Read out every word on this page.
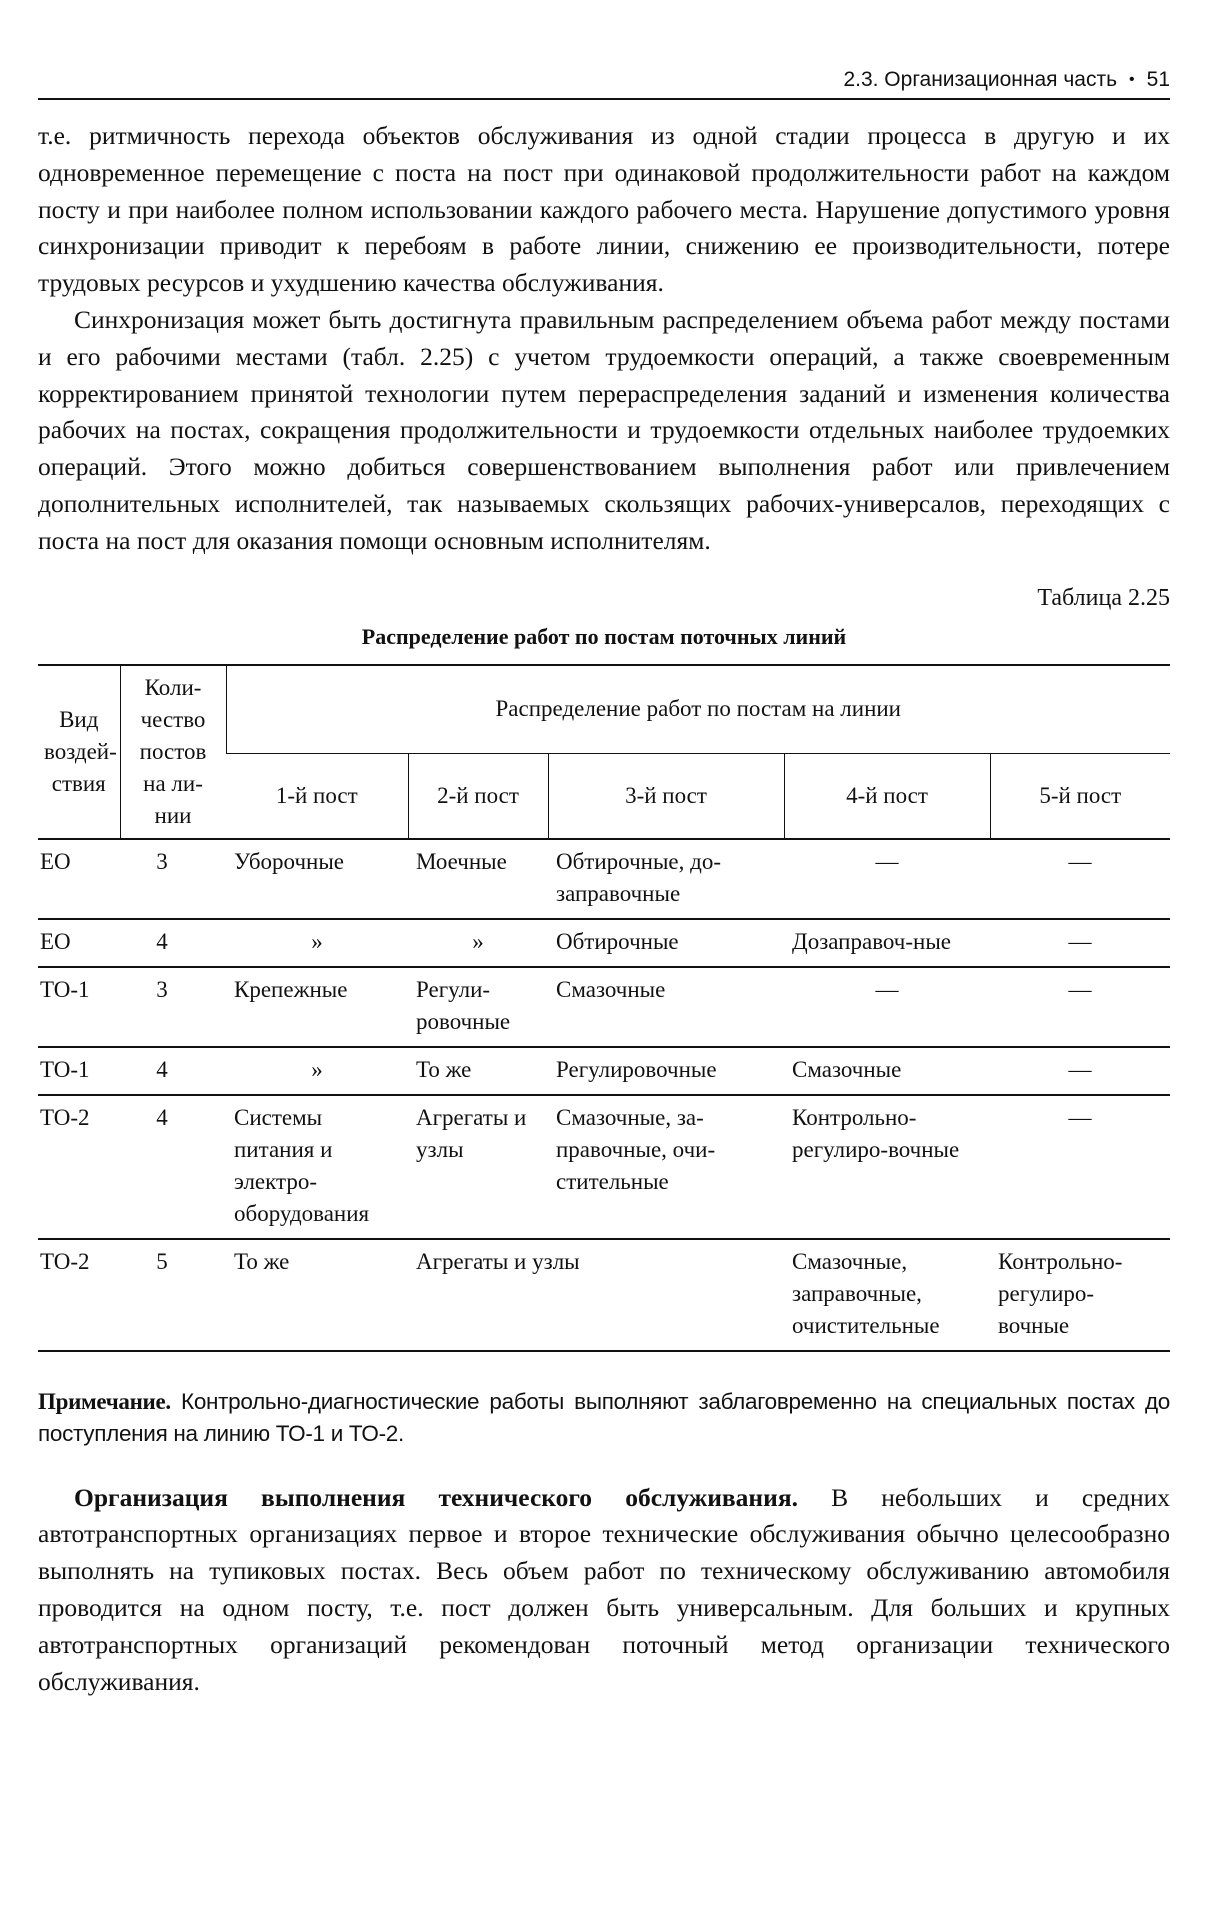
2.3. Организационная часть • 51

т.е. ритмичность перехода объектов обслуживания из одной стадии процесса в другую и их одновременное перемещение с поста на пост при одинаковой продолжительности работ на каждом посту и при наиболее полном использовании каждого рабочего места. Нарушение допустимого уровня синхронизации приводит к перебоям в работе линии, снижению ее производительности, потере трудовых ресурсов и ухудшению качества обслуживания.

Синхронизация может быть достигнута правильным распределением объема работ между постами и его рабочими местами (табл. 2.25) с учетом трудоемкости операций, а также своевременным корректированием принятой технологии путем перераспределения заданий и изменения количества рабочих на постах, сокращения продолжительности и трудоемкости отдельных наиболее трудоемких операций. Этого можно добиться совершенствованием выполнения работ или привлечением дополнительных исполнителей, так называемых скользящих рабочих-универсалов, переходящих с поста на пост для оказания помощи основным исполнителям.

Таблица 2.25
Распределение работ по постам поточных линий
Вид воздей-ствия	Коли-чество постов на ли-нии	Распределение работ по постам на линии				
		1-й пост	2-й пост	3-й пост	4-й пост	5-й пост
ЕО	3	Уборочные	Моечные	Обтирочные, до-заправочные	—	—
ЕО	4	»	»	Обтирочные	Дозаправоч-ные	—
ТО-1	3	Крепежные	Регули-ровочные	Смазочные	—	—
ТО-1	4	»	То же	Регулировочные	Смазочные	—
ТО-2	4	Системы питания и электро-оборудования	Агрегаты и узлы	Смазочные, за-правочные, очи-стительные	Контрольно-регулиро-вочные	—
ТО-2	5	То же	Агрегаты и узлы		Смазочные, заправочные, очистительные	Контрольно-регулиро-вочные

Примечание. Контрольно-диагностические работы выполняют заблаговременно на специальных постах до поступления на линию ТО-1 и ТО-2.

Организация выполнения технического обслуживания. В небольших и средних автотранспортных организациях первое и второе технические обслуживания обычно целесообразно выполнять на тупиковых постах. Весь объем работ по техническому обслуживанию автомобиля проводится на одном посту, т.е. пост должен быть универсальным. Для больших и крупных автотранспортных организаций рекомендован поточный метод организации технического обслуживания.
